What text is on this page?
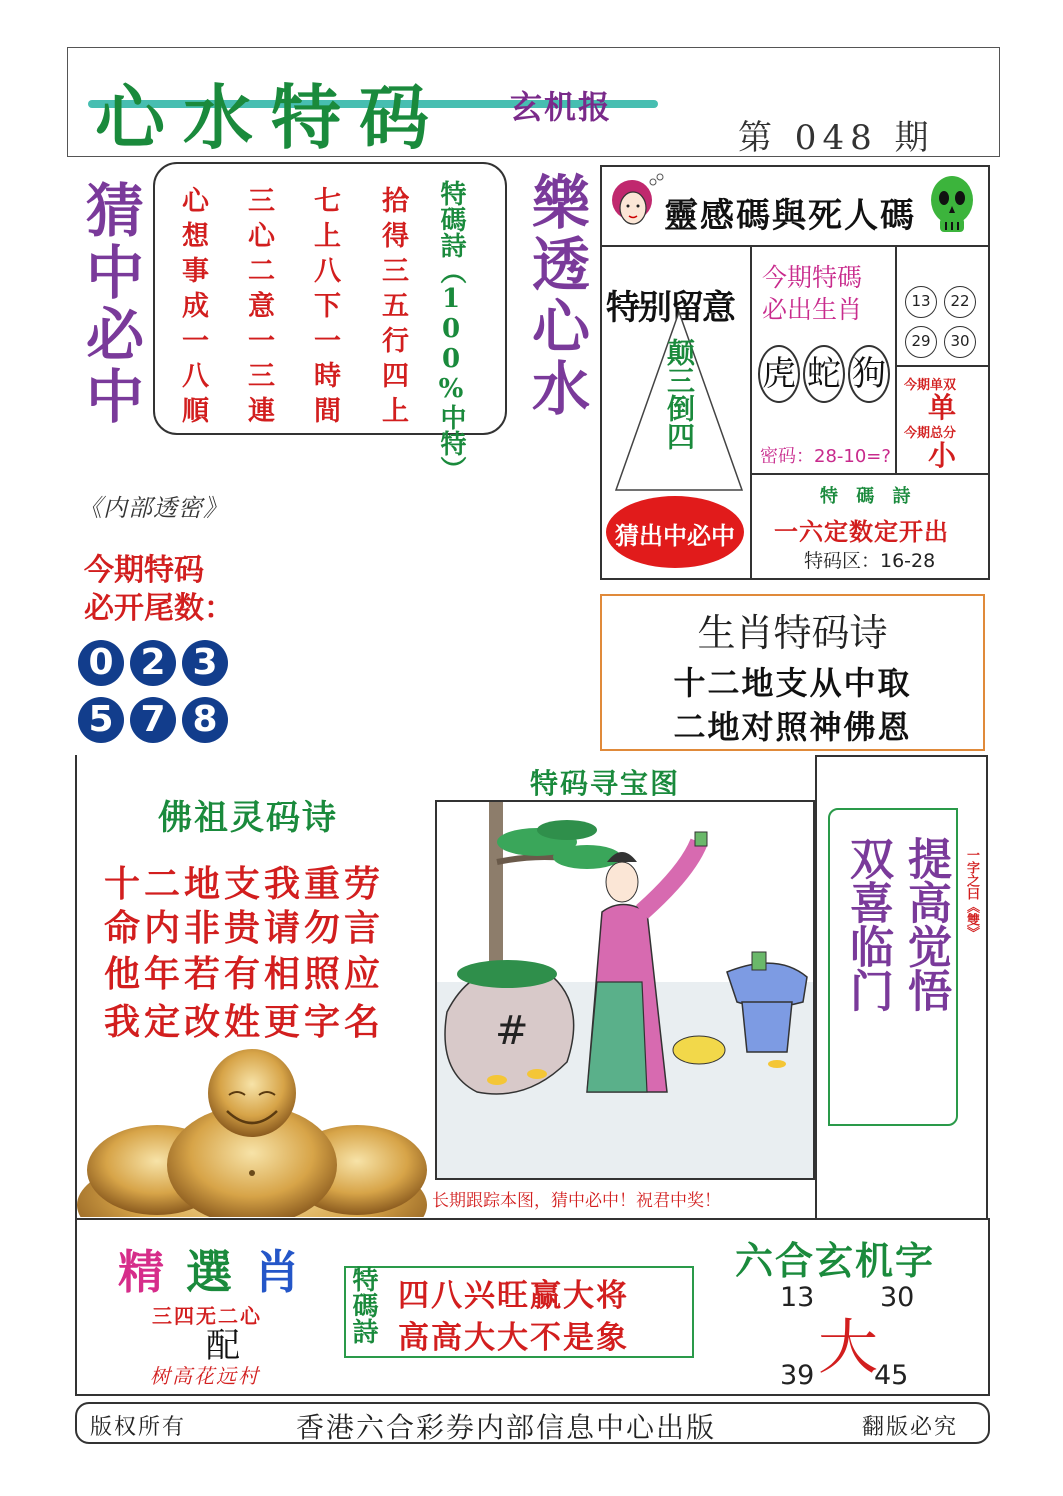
心水特码 玄机报
第 048 期
猜中必中	樂透心水
心
想
事
成
一
八
順
三
心
二
意
一
三
連
七
上
八
下
一
時
間
拾
得
三
五
行
四
上 特碼詩（100%中特）	靈感碼與死人碼
特别留意
颠三倒四
猜出中必中
今期特碼
必出生肖
虎 蛇 狗
密码：28-10=?
13	22
29	30
今期单双
单
今期总分
小
特 碼 詩
一六定数定开出
特码区：16-28
《内部透密》
今期特码
必开尾数：
0 2 3
5 7 8
生肖特码诗
十二地支从中取
二地对照神佛恩
佛祖灵码诗
十二地支我重劳
命内非贵请勿言
他年若有相照应
我定改姓更字名
特码寻宝图
#
长期跟踪本图，猜中必中！祝君中奖！
提高觉悟
双喜临门	一字之曰《雙》
精選肖
三四无二心
配
树高花远村
特碼詩 四八兴旺赢大将
高高大大不是象
六合玄机字
13 30
39 45
大
版权所有	香港六合彩券内部信息中心出版	翻版必究
